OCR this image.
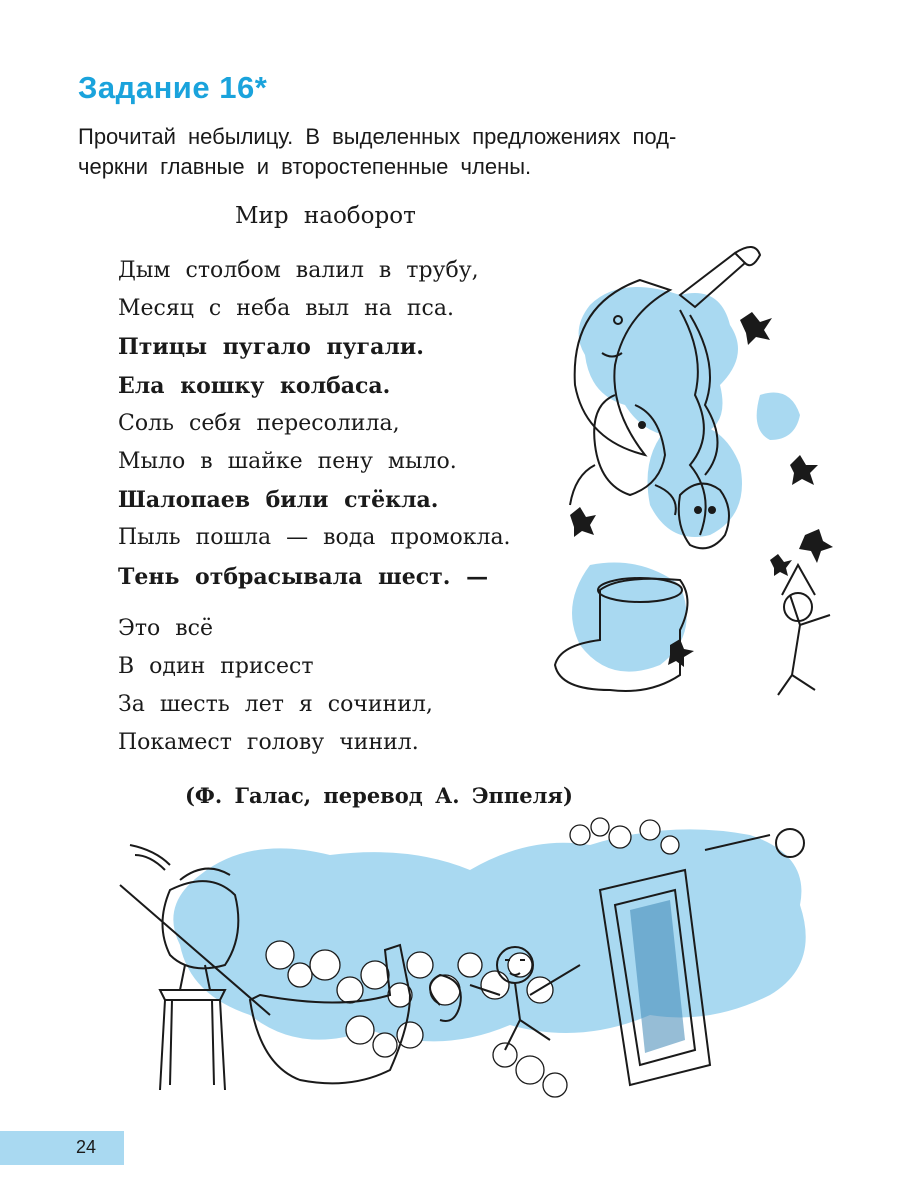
Задание 16*
Прочитай небылицу. В выделенных предложениях под-
черкни главные и второстепенные члены.
Мир наоборот
Дым столбом валил в трубу,
Месяц с неба выл на пса.
Птицы пугало пугали.
Ела кошку колбаса.
Соль себя пересолила,
Мыло в шайке пену мыло.
Шалопаев били стёкла.
Пыль пошла — вода промокла.
Тень отбрасывала шест. —
Это всё
В один присест
За шесть лет я сочинил,
Покамест голову чинил.
(Ф. Галас, перевод А. Эппеля)
24
